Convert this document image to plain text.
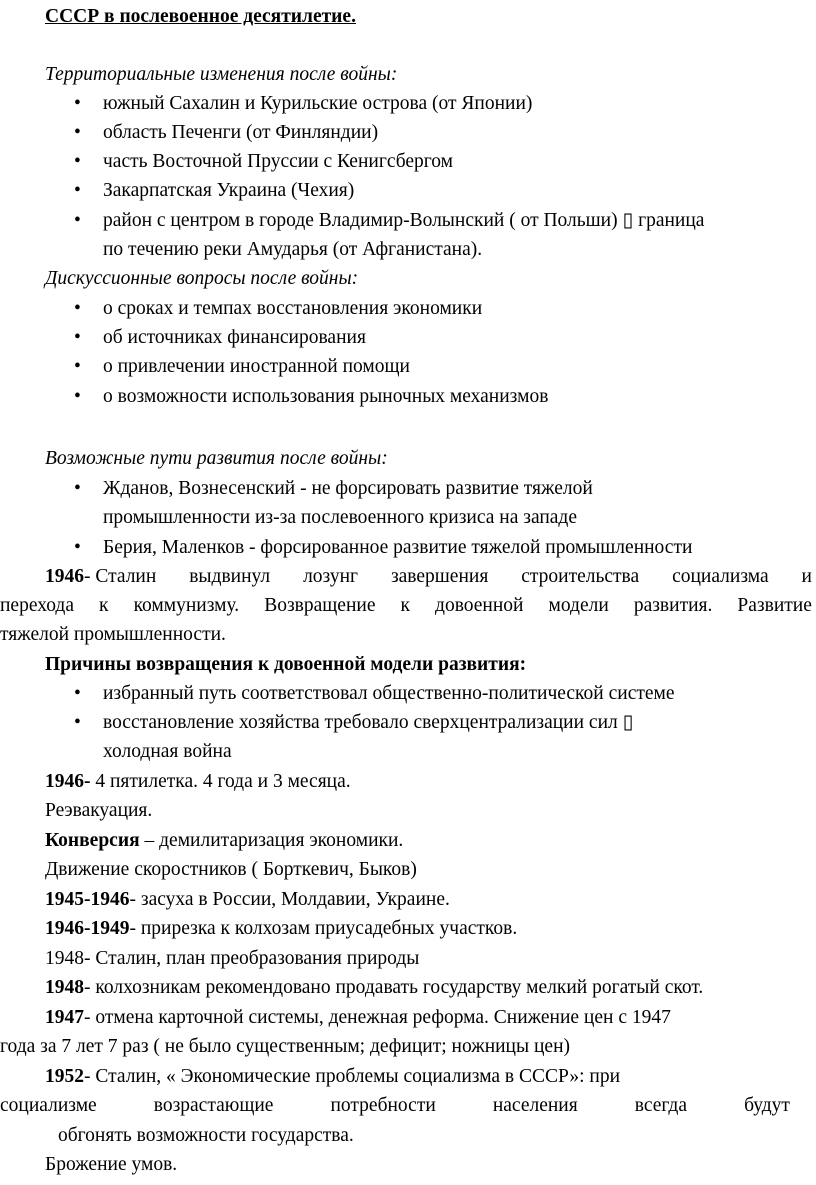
СССР в послевоенное десятилетие.
Территориальные изменения после войны:
• южный Сахалин и Курильские острова (от Японии)
• область Печенги (от Финляндии)
• часть Восточной Пруссии с Кенигсбергом
• Закарпатская Украина (Чехия)
• район с центром в городе Владимир-Волынский ( от Польши) ▯ граница
по течению реки Амударья (от Афганистана).
Дискуссионные вопросы после войны:
• о сроках и темпах восстановления экономики
• об источниках финансирования
• о привлечении иностранной помощи
• о возможности использования рыночных механизмов
Возможные пути развития после войны:
• Жданов, Вознесенский - не форсировать развитие тяжелой
промышленности из-за послевоенного кризиса на западе
• Берия, Маленков - форсированное развитие тяжелой промышленности
1946- Сталин выдвинул лозунг завершения строительства социализма и
перехода к коммунизму. Возвращение к довоенной модели развития. Развитие
тяжелой промышленности.
Причины возвращения к довоенной модели развития:
• избранный путь соответствовал общественно-политической системе
• восстановление хозяйства требовало сверхцентрализации сил ▯
холодная война
1946- 4 пятилетка. 4 года и 3 месяца.
Реэвакуация.
Конверсия – демилитаризация экономики.
Движение скоростников ( Борткевич, Быков)
1945-1946- засуха в России, Молдавии, Украине.
1946-1949- прирезка к колхозам приусадебных участков.
1948- Сталин, план преобразования природы
1948- колхозникам рекомендовано продавать государству мелкий рогатый скот.
1947- отмена карточной системы, денежная реформа. Снижение цен с 1947
года за 7 лет 7 раз ( не было существенным; дефицит; ножницы цен)
1952- Сталин, « Экономические проблемы социализма в СССР»: при
социализме	возрастающие	потребности	населения	всегда	будут
обгонять возможности государства.
Брожение умов.
